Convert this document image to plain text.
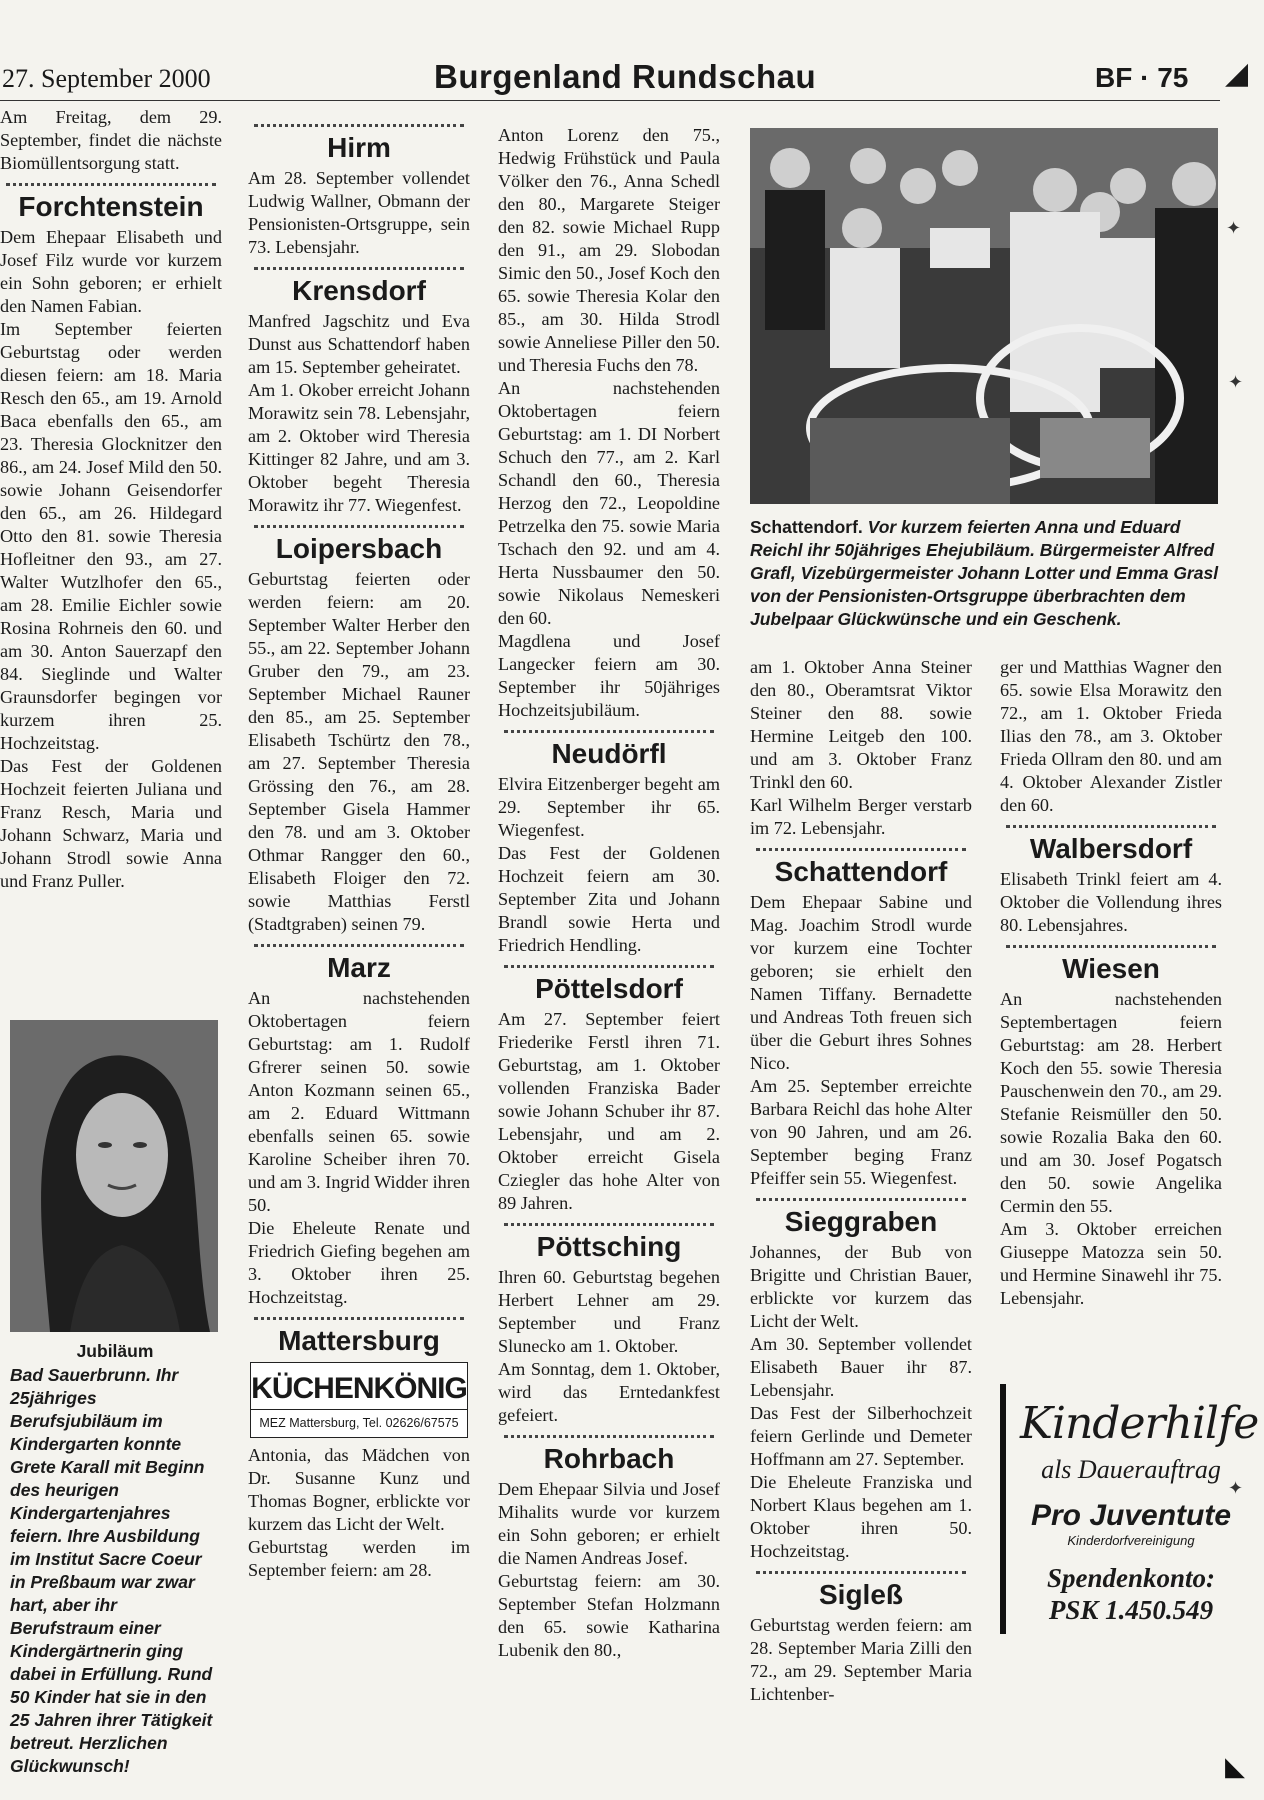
27. September 2000	Burgenland Rundschau	BF · 75 ◢

Am Freitag, dem 29. September, findet die nächste Biomüllentsorgung statt.

Forchtenstein

Dem Ehepaar Elisabeth und Josef Filz wurde vor kurzem ein Sohn geboren; er erhielt den Namen Fabian.

Im September feierten Geburtstag oder werden diesen feiern: am 18. Maria Resch den 65., am 19. Arnold Baca ebenfalls den 65., am 23. Theresia Glocknitzer den 86., am 24. Josef Mild den 50. sowie Johann Geisendorfer den 65., am 26. Hildegard Otto den 81. sowie Theresia Hofleitner den 93., am 27. Walter Wutzlhofer den 65., am 28. Emilie Eichler sowie Rosina Rohrneis den 60. und am 30. Anton Sauerzapf den 84. Sieglinde und Walter Graunsdorfer begingen vor kurzem ihren 25. Hochzeitstag.

Das Fest der Goldenen Hochzeit feierten Juliana und Franz Resch, Maria und Johann Schwarz, Maria und Johann Strodl sowie Anna und Franz Puller.

Jubiläum
Bad Sauerbrunn. Ihr 25jähriges Berufsjubiläum im Kindergarten konnte Grete Karall mit Beginn des heurigen Kindergartenjahres feiern. Ihre Ausbildung im Institut Sacre Coeur in Preßbaum war zwar hart, aber ihr Berufstraum einer Kindergärtnerin ging dabei in Erfüllung. Rund 50 Kinder hat sie in den 25 Jahren ihrer Tätigkeit betreut. Herzlichen Glückwunsch!
Hirm

Am 28. September vollendet Ludwig Wallner, Obmann der Pensionisten-Ortsgruppe, sein 73. Lebensjahr.

Krensdorf

Manfred Jagschitz und Eva Dunst aus Schattendorf haben am 15. September geheiratet.

Am 1. Okober erreicht Johann Morawitz sein 78. Lebensjahr, am 2. Oktober wird Theresia Kittinger 82 Jahre, und am 3. Oktober begeht Theresia Morawitz ihr 77. Wiegenfest.

Loipersbach

Geburtstag feierten oder werden feiern: am 20. September Walter Herber den 55., am 22. September Johann Gruber den 79., am 23. September Michael Rauner den 85., am 25. September Elisabeth Tschürtz den 78., am 27. September Theresia Grössing den 76., am 28. September Gisela Hammer den 78. und am 3. Oktober Othmar Rangger den 60., Elisabeth Floiger den 72. sowie Matthias Ferstl (Stadtgraben) seinen 79.

Marz

An nachstehenden Oktobertagen feiern Geburtstag: am 1. Rudolf Gfrerer seinen 50. sowie Anton Kozmann seinen 65., am 2. Eduard Wittmann ebenfalls seinen 65. sowie Karoline Scheiber ihren 70. und am 3. Ingrid Widder ihren 50.

Die Eheleute Renate und Friedrich Giefing begehen am 3. Oktober ihren 25. Hochzeitstag.

Mattersburg
KÜCHENKÖNIG
MEZ Mattersburg, Tel. 02626/67575

Antonia, das Mädchen von Dr. Susanne Kunz und Thomas Bogner, erblickte vor kurzem das Licht der Welt.

Geburtstag werden im September feiern: am 28.

Anton Lorenz den 75., Hedwig Frühstück und Paula Völker den 76., Anna Schedl den 80., Margarete Steiger den 82. sowie Michael Rupp den 91., am 29. Slobodan Simic den 50., Josef Koch den 65. sowie Theresia Kolar den 85., am 30. Hilda Strodl sowie Anneliese Piller den 50. und Theresia Fuchs den 78.

An nachstehenden Oktobertagen feiern Geburtstag: am 1. DI Norbert Schuch den 77., am 2. Karl Schandl den 60., Theresia Herzog den 72., Leopoldine Petrzelka den 75. sowie Maria Tschach den 92. und am 4. Herta Nussbaumer den 50. sowie Nikolaus Nemeskeri den 60.

Magdlena und Josef Langecker feiern am 30. September ihr 50jähriges Hochzeitsjubiläum.

Neudörfl

Elvira Eitzenberger begeht am 29. September ihr 65. Wiegenfest.

Das Fest der Goldenen Hochzeit feiern am 30. September Zita und Johann Brandl sowie Herta und Friedrich Hendling.

Pöttelsdorf

Am 27. September feiert Friederike Ferstl ihren 71. Geburtstag, am 1. Oktober vollenden Franziska Bader sowie Johann Schuber ihr 87. Lebensjahr, und am 2. Oktober erreicht Gisela Cziegler das hohe Alter von 89 Jahren.

Pöttsching

Ihren 60. Geburtstag begehen Herbert Lehner am 29. September und Franz Slunecko am 1. Oktober.

Am Sonntag, dem 1. Oktober, wird das Erntedankfest gefeiert.

Rohrbach

Dem Ehepaar Silvia und Josef Mihalits wurde vor kurzem ein Sohn geboren; er erhielt die Namen Andreas Josef.

Geburtstag feiern: am 30. September Stefan Holzmann den 65. sowie Katharina Lubenik den 80.,

Schattendorf. Vor kurzem feierten Anna und Eduard Reichl ihr 50jähriges Ehejubiläum. Bürgermeister Alfred Grafl, Vizebürgermeister Johann Lotter und Emma Grasl von der Pensionisten-Ortsgruppe überbrachten dem Jubelpaar Glückwünsche und ein Geschenk.

am 1. Oktober Anna Steiner den 80., Oberamtsrat Viktor Steiner den 88. sowie Hermine Leitgeb den 100. und am 3. Oktober Franz Trinkl den 60.

Karl Wilhelm Berger verstarb im 72. Lebensjahr.

Schattendorf

Dem Ehepaar Sabine und Mag. Joachim Strodl wurde vor kurzem eine Tochter geboren; sie erhielt den Namen Tiffany. Bernadette und Andreas Toth freuen sich über die Geburt ihres Sohnes Nico.

Am 25. September erreichte Barbara Reichl das hohe Alter von 90 Jahren, und am 26. September beging Franz Pfeiffer sein 55. Wiegenfest.

Sieggraben

Johannes, der Bub von Brigitte und Christian Bauer, erblickte vor kurzem das Licht der Welt.

Am 30. September vollendet Elisabeth Bauer ihr 87. Lebensjahr.

Das Fest der Silberhochzeit feiern Gerlinde und Demeter Hoffmann am 27. September.

Die Eheleute Franziska und Norbert Klaus begehen am 1. Oktober ihren 50. Hochzeitstag.

Sigleß

Geburtstag werden feiern: am 28. September Maria Zilli den 72., am 29. September Maria Lichtenber-

ger und Matthias Wagner den 65. sowie Elsa Morawitz den 72., am 1. Oktober Frieda Ilias den 78., am 3. Oktober Frieda Ollram den 80. und am 4. Oktober Alexander Zistler den 60.

Walbersdorf

Elisabeth Trinkl feiert am 4. Oktober die Vollendung ihres 80. Lebensjahres.

Wiesen

An nachstehenden Septembertagen feiern Geburtstag: am 28. Herbert Koch den 55. sowie Theresia Pauschenwein den 70., am 29. Stefanie Reismüller den 50. sowie Rozalia Baka den 60. und am 30. Josef Pogatsch den 50. sowie Angelika Cermin den 55.

Am 3. Oktober erreichen Giuseppe Matozza sein 50. und Hermine Sinawehl ihr 75. Lebensjahr.

Kinderhilfe
als Dauerauftrag
Pro Juventute
Kinderdorfvereinigung
Spendenkonto:
PSK 1.450.549
✦
✦
✦
◣
